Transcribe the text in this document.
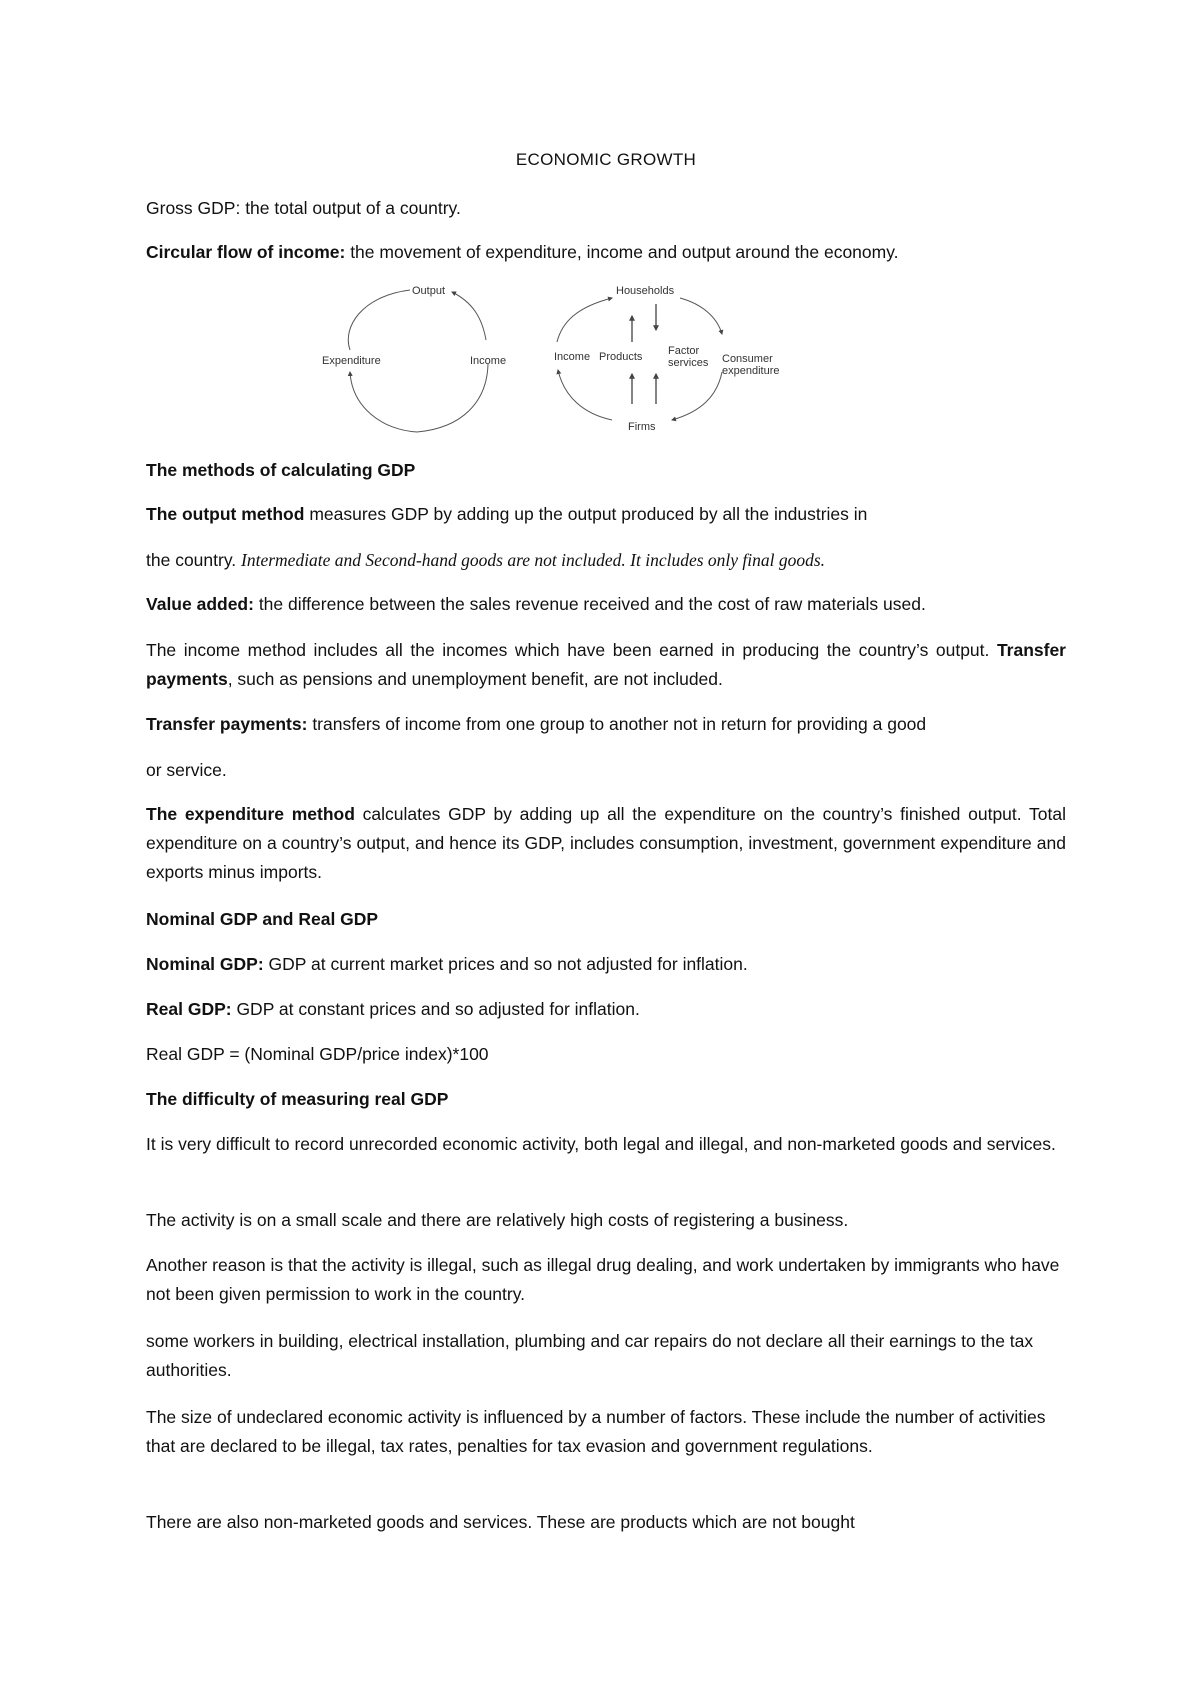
ECONOMIC GROWTH

Gross GDP: the total output of a country.

Circular flow of income: the movement of expenditure, income and output around the economy.

Output
Expenditure	Income
Households
Income Products Factor
services Consumer
expenditure
Firms

The methods of calculating GDP

The output method measures GDP by adding up the output produced by all the industries in

the country. Intermediate and Second-hand goods are not included. It includes only final goods.

Value added: the difference between the sales revenue received and the cost of raw materials used.

The income method includes all the incomes which have been earned in producing the country’s output. Transfer payments, such as pensions and unemployment benefit, are not included.

Transfer payments: transfers of income from one group to another not in return for providing a good

or service.

The expenditure method calculates GDP by adding up all the expenditure on the country’s finished output. Total expenditure on a country’s output, and hence its GDP, includes consumption, investment, government expenditure and exports minus imports.

Nominal GDP and Real GDP

Nominal GDP: GDP at current market prices and so not adjusted for inflation.

Real GDP: GDP at constant prices and so adjusted for inflation.

Real GDP = (Nominal GDP/price index)*100

The difficulty of measuring real GDP

It is very difficult to record unrecorded economic activity, both legal and illegal, and non-marketed goods and services.

The activity is on a small scale and there are relatively high costs of registering a business.

Another reason is that the activity is illegal, such as illegal drug dealing, and work undertaken by immigrants who have not been given permission to work in the country.

some workers in building, electrical installation, plumbing and car repairs do not declare all their earnings to the tax authorities.

The size of undeclared economic activity is influenced by a number of factors. These include the number of activities that are declared to be illegal, tax rates, penalties for tax evasion and government regulations.

There are also non-marketed goods and services. These are products which are not bought
